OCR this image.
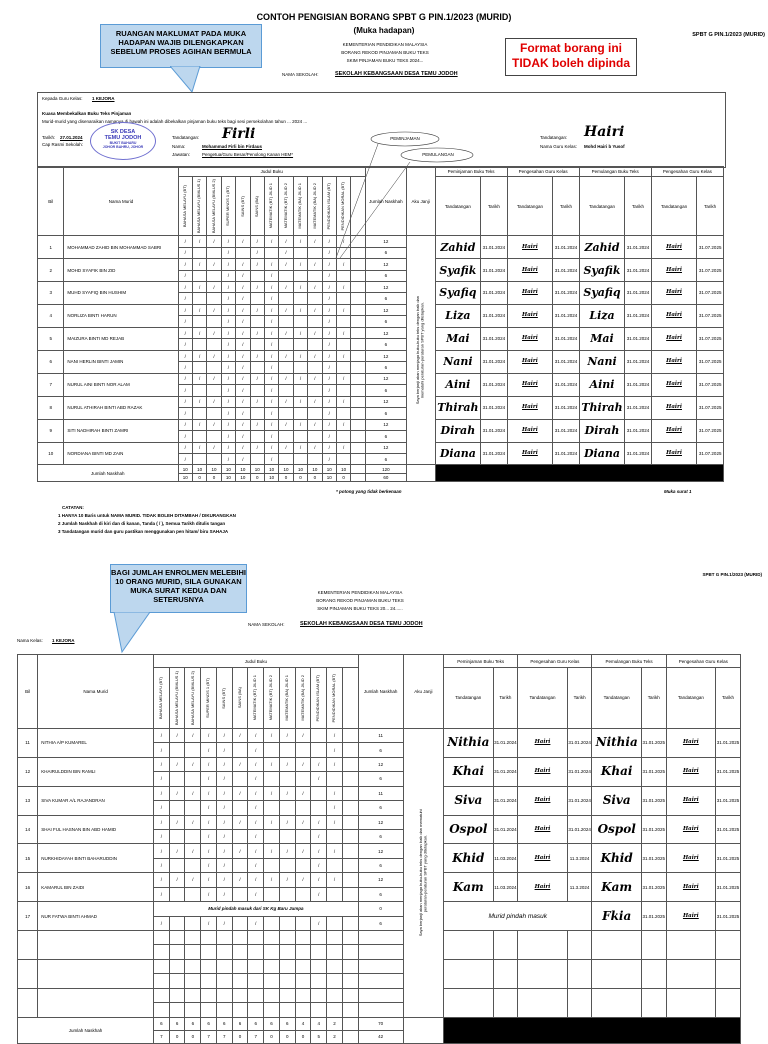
CONTOH PENGISIAN BORANG SPBT G PIN.1/2023 (MURID)
(Muka hadapan)	SPBT G PIN.1/2023 (MURID)
RUANGAN MAKLUMAT PADA MUKA HADAPAN WAJIB DILENGKAPKAN SEBELUM PROSES AGIHAN BERMULA	Format borang ini TIDAK boleh dipinda
KEMENTERIAN PENDIDIKAN MALAYSIA
BORANG REKOD PINJAMAN BUKU TEKS
SKIM PINJAMAN BUKU TEKS 2024...
NAMA SEKOLAH:	SEKOLAH KEBANGSAAN DESA TEMU JODOH
Kepada Guru Kelas: 1 KEJORA
Kuasa Membekalkan Buku Teks Pinjaman
Murid-murid yang disenaraikan namanya di bawah ini adalah dibekalkan pinjaman buku teks bagi sesi persekolahan tahun ... 2024 ...
Tarikh: 27.01.2024
Cap Rasmi Sekolah:
SK DESA
TEMU JODOH
BUKIT BAHARU
JOHOR BAHRU, JOHOR
Tandatangan: Firli
Nama:	Mohammad Firli bin Firdaus
Jawatan:	Pengetua/Guru Besar/Penolong Kanan HEM*
Tandatangan: Hairi
Nama Guru Kelas: Mohd Hairi b Yusof
PEMINJAMAN
PEMULANGAN
Bil	Nama Murid	Judul Buku													Jumlah Naskhah	Aku Janji	Peminjaman Buku Teks		Pengesahan Guru Kelas		Pemulangan Buku Teks		Pengesahan Guru Kelas	

		BAHASA MELAYU (BT)	BAHASA MELAYU (BMLUS 1)	BAHASA MELAYU (BMLUS 2)	SUPER MINDS 1 (BT)	SAINS (BT)	SAINS (BA)	MATEMATIK (BT) JILID 1	MATEMATIK (BT) JILID 2	MATEMATIK (BA) JILID 1	MATEMATIK (BA) JILID 2	PENDIDIKAN ISLAM (BT)	PENDIDIKAN MORAL (BT)				Tandatangan	Tarikh	Tandatangan	Tarikh	Tandatangan	Tarikh	Tandatangan	Tarikh
1	MOHAMMAD ZAHID BIN MOHAMMAD SABRI	/	/	/	/	/	/	/	/	/	/	/	/		12	Saya berjanji akan menjaga buku-buku teks dengan baik dan mematuhi peraturan-peraturan SPBT yang ditetapkan.	Zahid	31.01.2024	Hairi	31.01.2024	Zahid	31.01.2024	Hairi	31.07.2025
		/			/		/		/			/			6									
2	MOHD SYAFIK BIN ZID	/	/	/	/	/	/	/	/	/	/	/	/		12		Syafik	31.01.2024	Hairi	31.01.2024	Syafik	31.01.2024	Hairi	31.07.2025
		/			/	/		/				/			6									
3	MUHD SYAFIQ BIN HUSHIM	/	/	/	/	/	/	/	/	/	/	/	/		12		Syafiq	31.01.2024	Hairi	31.01.2024	Syafiq	31.01.2024	Hairi	31.07.2025
		/			/	/		/				/			6									
4	NORLIZA BINTI HARUN	/	/	/	/	/	/	/	/	/	/	/	/		12		Liza	31.01.2024	Hairi	31.01.2024	Liza	31.01.2024	Hairi	31.07.2025
		/			/	/		/				/			6									
5	MAIZURA BINTI MD REJAB	/	/	/	/	/	/	/	/	/	/	/	/		12		Mai	31.01.2024	Hairi	31.01.2024	Mai	31.01.2024	Hairi	31.07.2025
		/			/	/		/				/			6									
6	NANI HERLIN BINTI JAMIN	/	/	/	/	/	/	/	/	/	/	/	/		12		Nani	31.01.2024	Hairi	31.01.2024	Nani	31.01.2024	Hairi	31.07.2025
		/			/	/		/				/			6									
7	NURUL AINI BINTI NOR ALAM	/	/	/	/	/	/	/	/	/	/	/	/		12		Aini	31.01.2024	Hairi	31.01.2024	Aini	31.01.2024	Hairi	31.07.2025
		/			/	/		/				/			6									
8	NURUL ATHIRAH BINTI ABD RAZAK	/	/	/	/	/	/	/	/	/	/	/	/		12		Thirah	31.01.2024	Hairi	31.01.2024	Thirah	31.01.2024	Hairi	31.07.2025
		/			/	/		/				/			6									
9	SITI NADHIRAH BINTI ZAMRI	/	/	/	/	/	/	/	/	/	/	/	/		12		Dirah	31.01.2024	Hairi	31.01.2024	Dirah	31.01.2024	Hairi	31.07.2025
		/			/	/		/				/			6									
10	NORDIANA BINTI MD ZAIN	/	/	/	/	/	/	/	/	/	/	/	/		12		Diana	31.01.2024	Hairi	31.01.2024	Diana	31.01.2024	Hairi	31.07.2025
		/			/	/		/				/			6									
Jumlah Naskhah		10	10	10	10	10	10	10	10	10	10	10	10		120									
		10	0	0	10	10	0	10	0	0	0	10	0		60									
* potong yang tidak berkenaan	Muka surat 1
CATATAN:
1 HANYA 10 Baris untuk NAMA MURID. TIDAK BOLEH DITAMBAH / DIKURANGKAN
2 Jumlah Naskhah di kiri dan di kanan, Tanda ( / ), Semua Tarikh ditulis tangan
3 Tandatangan murid dan guru pastikan menggunakan pen hitam/ biru SAHAJA
BAGI JUMLAH ENROLMEN MELEBIHI 10 ORANG MURID, SILA GUNAKAN MUKA SURAT KEDUA DAN SETERUSNYA
SPBT G PIN.1/2023 (MURID)
KEMENTERIAN PENDIDIKAN MALAYSIA
BORANG REKOD PINJAMAN BUKU TEKS
SKIM PINJAMAN BUKU TEKS 20... 24......
NAMA SEKOLAH:	SEKOLAH KEBANGSAAN DESA TEMU JODOH
Nama Kelas: 1 KEJORA
Bil	Nama Murid	Judul Buku													Jumlah Naskhah	Aku Janji	Peminjaman Buku Teks		Pengesahan Guru Kelas		Pemulangan Buku Teks		Pengesahan Guru Kelas	

		BAHASA MELAYU (BT)	BAHASA MELAYU (BMLUS 1)	BAHASA MELAYU (BMLUS 2)	SUPER MINDS 1 (BT)	SAINS (BT)	SAINS (BA)	MATEMATIK (BT) JILID 1	MATEMATIK (BT) JILID 2	MATEMATIK (BA) JILID 1	MATEMATIK (BA) JILID 2	PENDIDIKAN ISLAM (BT)	PENDIDIKAN MORAL (BT)				Tandatangan	Tarikh	Tandatangan	Tarikh	Tandatangan	Tarikh	Tandatangan	Tarikh
11	NITHIA A/P KUMAREL	/	/	/	/	/	/	/	/	/	/		/		11	Saya berjanji akan menjaga buku-buku teks dengan baik dan mematuhi peraturan-peraturan SPBT yang ditetapkan.	Nithia	31.01.2024	Hairi	31.01.2024	Nithia	31.01.2025	Hairi	31.01.2025
		/			/	/		/					/		6									
12	KHAIRULDDIN BIN RAMLI	/	/	/	/	/	/	/	/	/	/	/	/		12		Khai	31.01.2024	Hairi	31.01.2024	Khai	31.01.2025	Hairi	31.01.2025
		/			/	/		/				/			6									
13	SIVA KUMAR A/L RAJANDRAN	/	/	/	/	/	/	/	/	/	/		/		11		Siva	31.01.2024	Hairi	31.01.2024	Siva	31.01.2025	Hairi	31.01.2025
		/			/	/		/					/		6									
14	SHAI FUL HASNAN BIN ABD HAMID	/	/	/	/	/	/	/	/	/	/	/	/		12		Ospol	31.01.2024	Hairi	31.01.2024	Ospol	31.01.2025	Hairi	31.01.2025
		/			/	/		/				/			6									
15	NURKHIDAYAH BINTI BAHARUDDIN	/	/	/	/	/	/	/	/	/	/	/	/		12		Khid	11.03.2024	Hairi	11.3.2024	Khid	31.01.2025	Hairi	31.01.2025
		/			/	/		/				/			6									
16	KAMARUL BIN ZAIDI	/	/	/	/	/	/	/	/	/	/	/	/		12		Kam	11.03.2024	Hairi	11.3.2024	Kam	31.01.2025	Hairi	31.01.2025
		/			/	/		/				/			6									
17	NUR FATWA BINTI AHMAD	Murid pindah masuk dari SK Kg Baru Jumpa													0		Murid pindah masuk				Fkia	31.01.2025	Hairi	31.01.2025
		/			/	/		/				/			6									

Jumlah Naskhah		6	6	6	6	6	6	6	6	6	4	4	2		70									
		7	0	0	7	7	0	7	0	0	0	5	2		42									
